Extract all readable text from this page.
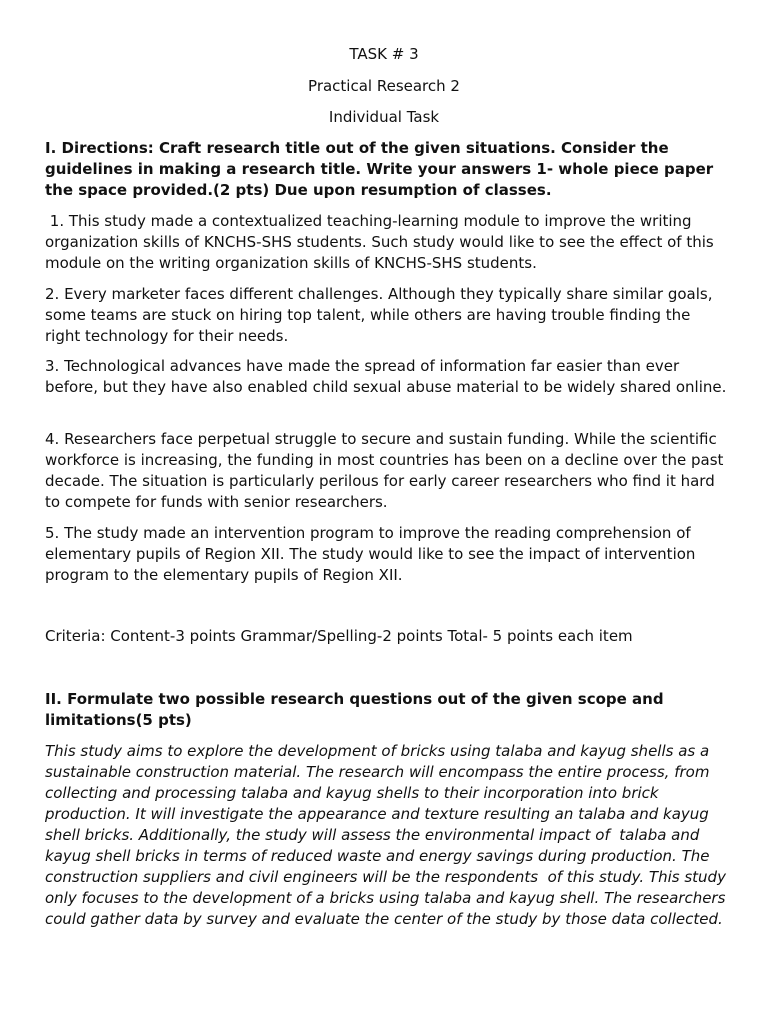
TASK # 3

Practical Research 2

Individual Task

I. Directions: Craft research title out of the given situations. Consider the guidelines in making a research title. Write your answers 1- whole piece paper the space provided.(2 pts) Due upon resumption of classes.

1. This study made a contextualized teaching-learning module to improve the writing organization skills of KNCHS-SHS students. Such study would like to see the effect of this module on the writing organization skills of KNCHS-SHS students.

2. Every marketer faces different challenges. Although they typically share similar goals, some teams are stuck on hiring top talent, while others are having trouble finding the right technology for their needs.

3. Technological advances have made the spread of information far easier than ever before, but they have also enabled child sexual abuse material to be widely shared online.

4. Researchers face perpetual struggle to secure and sustain funding. While the scientific workforce is increasing, the funding in most countries has been on a decline over the past decade. The situation is particularly perilous for early career researchers who find it hard to compete for funds with senior researchers.

5. The study made an intervention program to improve the reading comprehension of elementary pupils of Region XII. The study would like to see the impact of intervention program to the elementary pupils of Region XII.

Criteria: Content-3 points Grammar/Spelling-2 points Total- 5 points each item

II. Formulate two possible research questions out of the given scope and limitations(5 pts)

This study aims to explore the development of bricks using talaba and kayug shells as a sustainable construction material. The research will encompass the entire process, from collecting and processing talaba and kayug shells to their incorporation into brick production. It will investigate the appearance and texture resulting an talaba and kayug shell bricks. Additionally, the study will assess the environmental impact of  talaba and kayug shell bricks in terms of reduced waste and energy savings during production. The construction suppliers and civil engineers will be the respondents  of this study. This study only focuses to the development of a bricks using talaba and kayug shell. The researchers could gather data by survey and evaluate the center of the study by those data collected.
